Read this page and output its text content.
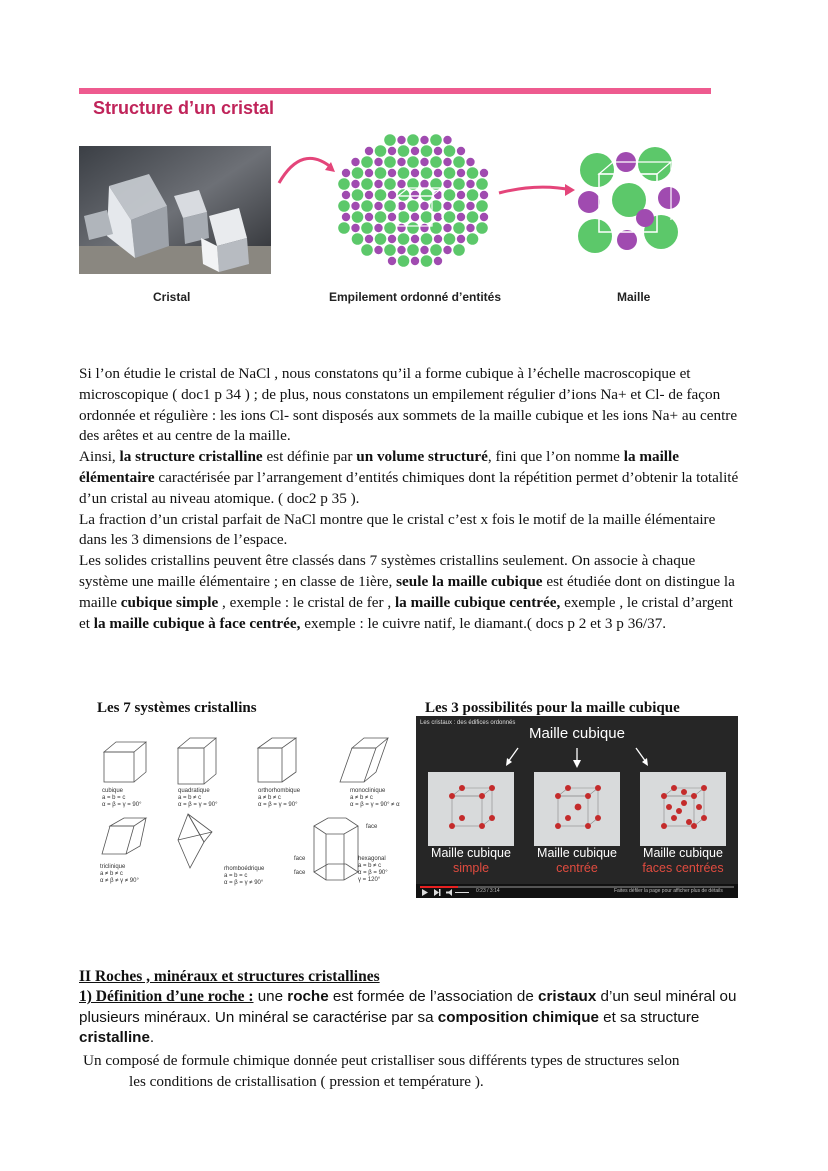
Structure d’un cristal
Cristal	Empilement ordonné d’entités	Maille

Si l’on étudie le cristal de NaCl , nous constatons qu’il a forme cubique à l’échelle macroscopique et microscopique ( doc1 p 34 ) ; de plus, nous constatons un empilement régulier d’ions Na+ et Cl- de façon ordonnée et régulière : les ions Cl- sont disposés aux sommets de la maille cubique et les ions Na+ au centre des arêtes et au centre de la maille.

Ainsi, la structure cristalline est définie par un volume structuré, fini que l’on nomme la maille élémentaire caractérisée par l’arrangement d’entités chimiques dont la répétition permet d’obtenir la totalité d’un cristal au niveau atomique. ( doc2 p 35 ).

La fraction d’un cristal parfait de NaCl montre que le cristal c’est x fois le motif de la maille élémentaire dans les 3 dimensions de l’espace.

Les solides cristallins peuvent être classés dans 7 systèmes cristallins seulement. On associe à chaque système une maille élémentaire ; en classe de 1ière, seule la maille cubique est étudiée dont on distingue la maille cubique simple , exemple : le cristal de fer , la maille cubique centrée, exemple , le cristal d’argent et la maille cubique à face centrée, exemple : le cuivre natif, le diamant.( docs p 2 et 3 p 36/37.

Les 7 systèmes cristallins
cubique
a = b = c
α = β = γ = 90°
quadratique
a = b ≠ c
α = β = γ = 90°
orthorhombique
a ≠ b ≠ c
α = β = γ = 90°
monoclinique
a ≠ b ≠ c
α = β = γ = 90° ≠ α
triclinique
a ≠ b ≠ c
α ≠ β ≠ γ ≠ 90°
rhomboédrique
a = b = c
α = β = γ ≠ 90°
hexagonal
a = b ≠ c
α = β = 90°
γ = 120°
face
face
face
Les 3 possibilités pour la maille cubique
Les cristaux : des édifices ordonnés
Maille cubique
Maille cubique
simple
Maille cubique
centrée
Maille cubique
faces centrées
0:23 / 3:14	Faites défiler la page pour afficher plus de détails
II Roches , minéraux et structures cristallines
1) Définition d’une roche : une roche est formée de l’association de cristaux d’un seul minéral ou plusieurs minéraux. Un minéral se caractérise par sa composition chimique et sa structure cristalline.
Un composé de formule chimique donnée peut cristalliser sous différents types de structures selon
les conditions de cristallisation ( pression et température ).
